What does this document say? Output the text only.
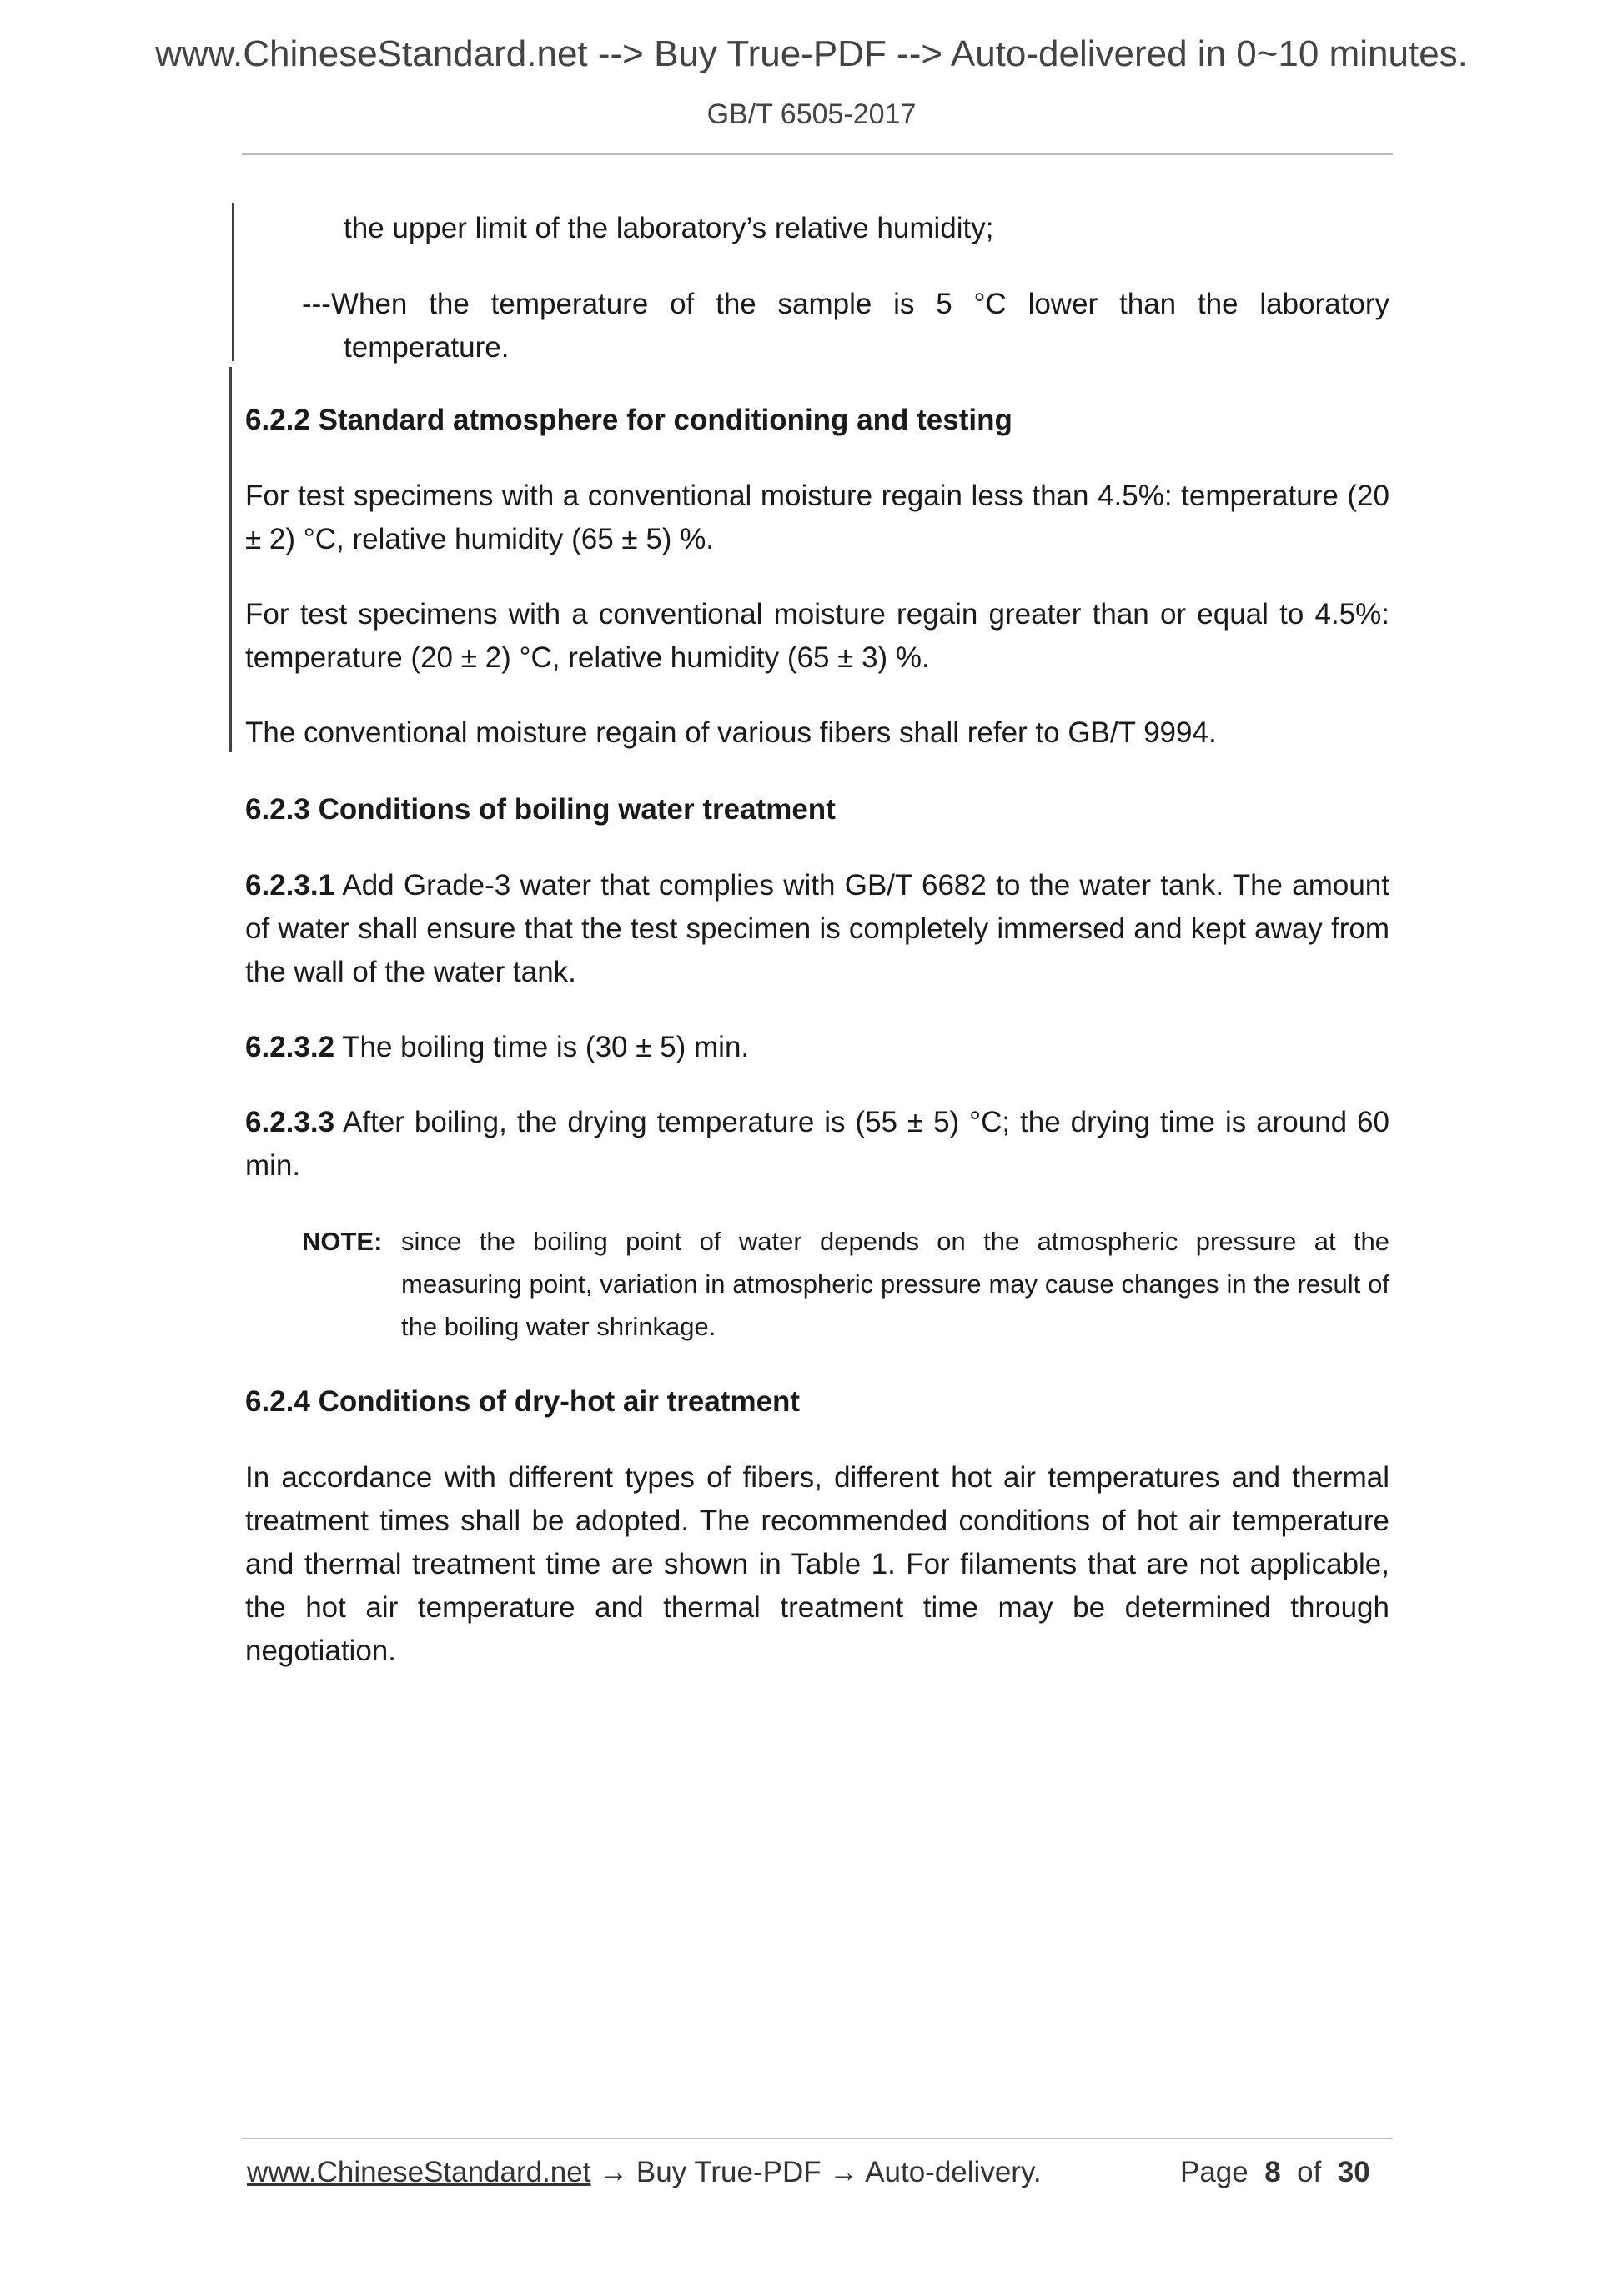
www.ChineseStandard.net --> Buy True-PDF --> Auto-delivered in 0~10 minutes.
GB/T 6505-2017
the upper limit of the laboratory’s relative humidity;
---When the temperature of the sample is 5 °C lower than the laboratory
temperature.
6.2.2 Standard atmosphere for conditioning and testing
For test specimens with a conventional moisture regain less than 4.5%: temperature (20 ± 2) °C, relative humidity (65 ± 5) %.
For test specimens with a conventional moisture regain greater than or equal to 4.5%: temperature (20 ± 2) °C, relative humidity (65 ± 3) %.
The conventional moisture regain of various fibers shall refer to GB/T 9994.
6.2.3 Conditions of boiling water treatment
6.2.3.1 Add Grade-3 water that complies with GB/T 6682 to the water tank. The amount of water shall ensure that the test specimen is completely immersed and kept away from the wall of the water tank.
6.2.3.2 The boiling time is (30 ± 5) min.
6.2.3.3 After boiling, the drying temperature is (55 ± 5) °C; the drying time is around 60 min.
NOTE: since the boiling point of water depends on the atmospheric pressure at the measuring point, variation in atmospheric pressure may cause changes in the result of the boiling water shrinkage.
6.2.4 Conditions of dry-hot air treatment
In accordance with different types of fibers, different hot air temperatures and thermal treatment times shall be adopted. The recommended conditions of hot air temperature and thermal treatment time are shown in Table 1. For filaments that are not applicable, the hot air temperature and thermal treatment time may be determined through negotiation.
www.ChineseStandard.net → Buy True-PDF → Auto-delivery.	Page 8 of 30
